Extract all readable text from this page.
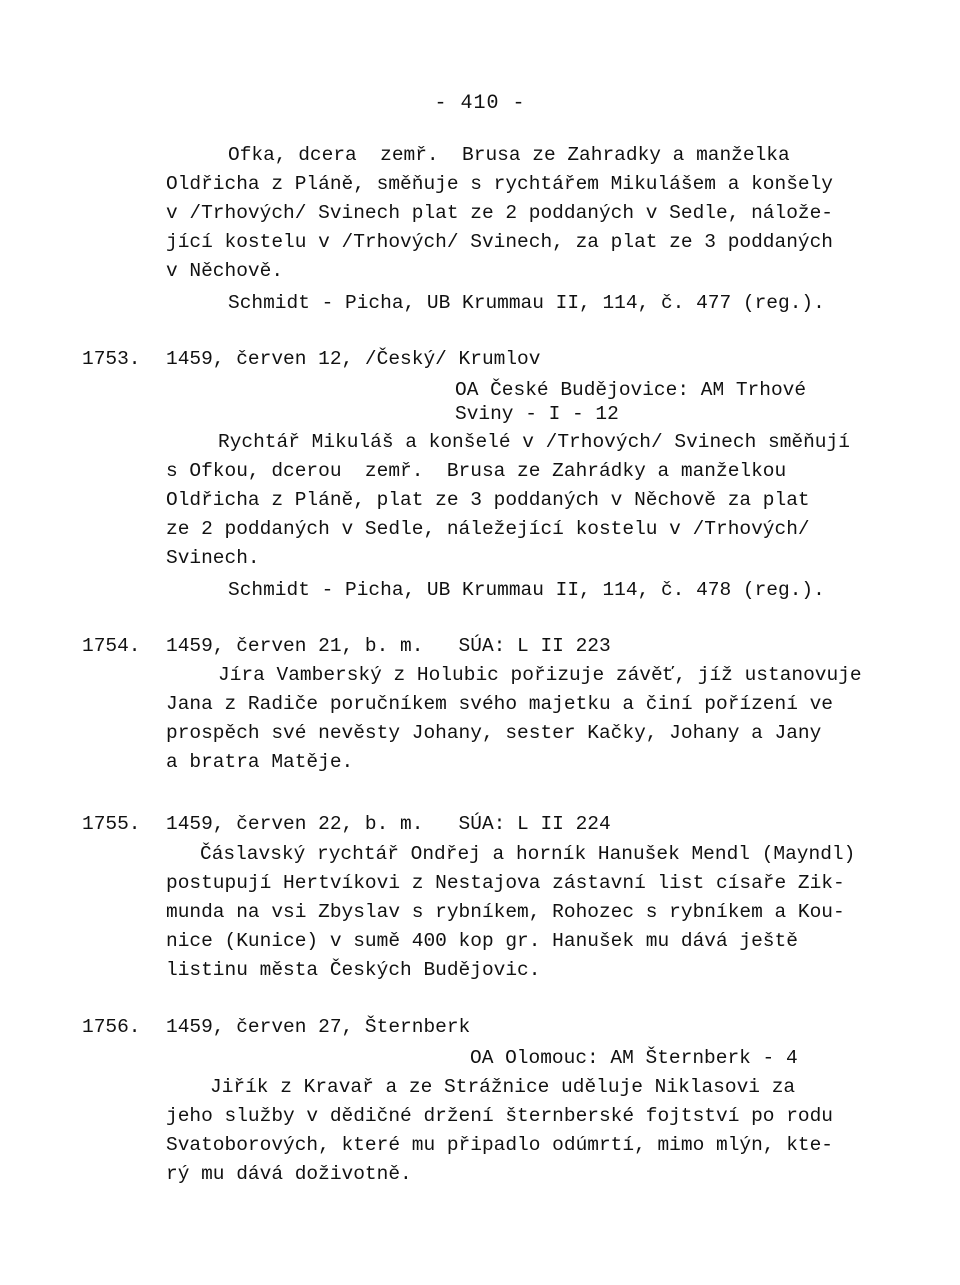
- 410 -
Ofka, dcera  zemř.  Brusa ze Zahradky a manželka
Oldřicha z Pláně, směňuje s rychtářem Mikulášem a konšely
v /Trhových/ Svinech plat ze 2 poddaných v Sedle, nálože-
jící kostelu v /Trhových/ Svinech, za plat ze 3 poddaných
v Něchově.
Schmidt - Picha, UB Krummau II, 114, č. 477 (reg.).
1753. 1459, červen 12, /Český/ Krumlov
OA České Budějovice: AM Trhové
Sviny - I - 12
Rychtář Mikuláš a konšelé v /Trhových/ Svinech směňují
s Ofkou, dcerou  zemř.  Brusa ze Zahrádky a manželkou
Oldřicha z Pláně, plat ze 3 poddaných v Něchově za plat
ze 2 poddaných v Sedle, náležející kostelu v /Trhových/
Svinech.
Schmidt - Picha, UB Krummau II, 114, č. 478 (reg.).
1754. 1459, červen 21, b. m.   SÚA: L II 223
Jíra Vamberský z Holubic pořizuje závěť, jíž ustanovuje
Jana z Radiče poručníkem svého majetku a činí pořízení ve
prospěch své nevěsty Johany, sester Kačky, Johany a Jany
a bratra Matěje.
1755. 1459, červen 22, b. m.   SÚA: L II 224
Čáslavský rychtář Ondřej a horník Hanušek Mendl (Mayndl)
postupují Hertvíkovi z Nestajova zástavní list císaře Zik-
munda na vsi Zbyslav s rybníkem, Rohozec s rybníkem a Kou-
nice (Kunice) v sumě 400 kop gr. Hanušek mu dává ještě
listinu města Českých Budějovic.
1756. 1459, červen 27, Šternberk
OA Olomouc: AM Šternberk - 4
Jiřík z Kravař a ze Strážnice uděluje Niklasovi za
jeho služby v dědičné držení šternberské fojtství po rodu
Svatoborových, které mu připadlo odúmrtí, mimo mlýn, kte-
rý mu dává doživotně.
